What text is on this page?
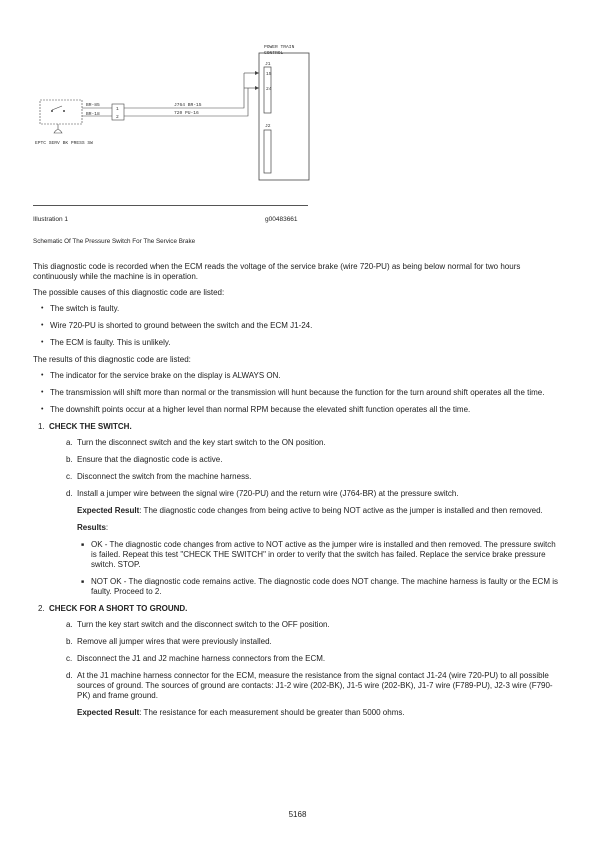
POWER TRAIN
CONTROL
J1
15
24
J2
J764 BR-15
720 PU-16
1
2
BR-85
BR-18
EPTC SERV BK PRESS SW
Illustration 1	g00483661
Schematic Of The Pressure Switch For The Service Brake

This diagnostic code is recorded when the ECM reads the voltage of the service brake (wire 720-PU) as being below normal for two hours continuously while the machine is in operation.

The possible causes of this diagnostic code are listed:

• The switch is faulty.
• Wire 720-PU is shorted to ground between the switch and the ECM J1-24.
• The ECM is faulty. This is unlikely.

The results of this diagnostic code are listed:

• The indicator for the service brake on the display is ALWAYS ON.
• The transmission will shift more than normal or the transmission will hunt because the function for the turn around shift operates all the time.
• The downshift points occur at a higher level than normal RPM because the elevated shift function operates all the time.
1. CHECK THE SWITCH.
a. Turn the disconnect switch and the key start switch to the ON position.
b. Ensure that the diagnostic code is active.
c. Disconnect the switch from the machine harness.
d. Install a jumper wire between the signal wire (720-PU) and the return wire (J764-BR) at the pressure switch.
Expected Result: The diagnostic code changes from being active to being NOT active as the jumper is installed and then removed.
Results:
■ OK - The diagnostic code changes from active to NOT active as the jumper wire is installed and then removed. The pressure switch is failed. Repeat this test "CHECK THE SWITCH" in order to verify that the switch has failed. Replace the service brake pressure switch. STOP.
■ NOT OK - The diagnostic code remains active. The diagnostic code does NOT change. The machine harness is faulty or the ECM is faulty. Proceed to 2.
2. CHECK FOR A SHORT TO GROUND.
a. Turn the key start switch and the disconnect switch to the OFF position.
b. Remove all jumper wires that were previously installed.
c. Disconnect the J1 and J2 machine harness connectors from the ECM.
d. At the J1 machine harness connector for the ECM, measure the resistance from the signal contact J1-24 (wire 720-PU) to all possible sources of ground. The sources of ground are contacts: J1-2 wire (202-BK), J1-5 wire (202-BK), J1-7 wire (F789-PU), J2-3 wire (F790-PK) and frame ground.
Expected Result: The resistance for each measurement should be greater than 5000 ohms.
5168
